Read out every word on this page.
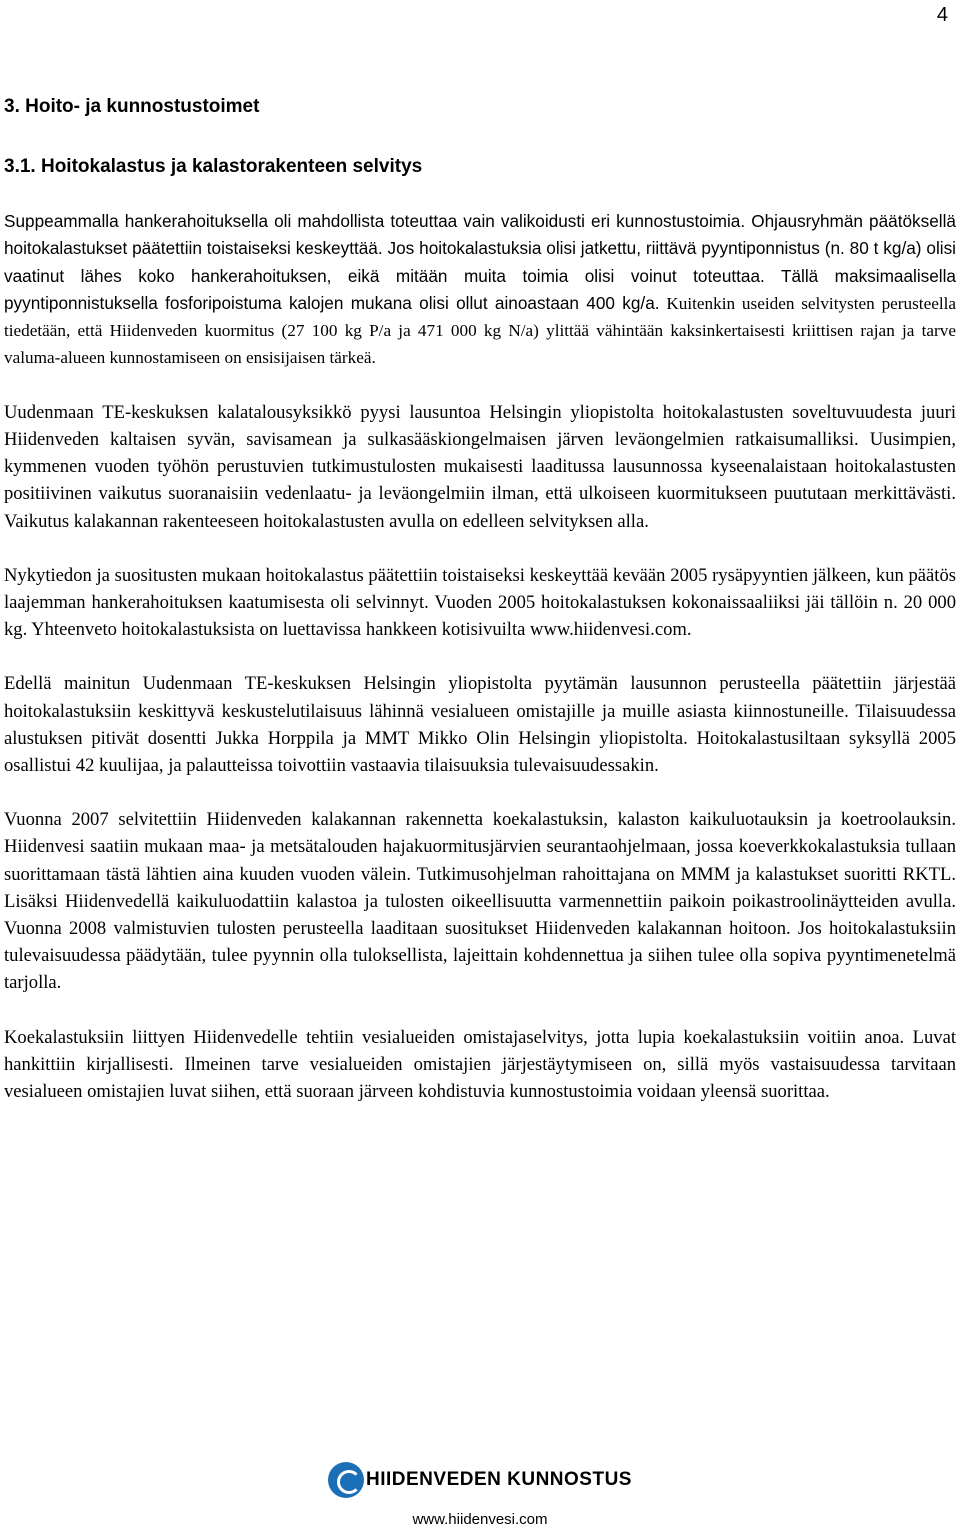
4
3. Hoito- ja kunnostustoimet
3.1. Hoitokalastus ja kalastorakenteen selvitys

Suppeammalla hankerahoituksella oli mahdollista toteuttaa vain valikoidusti eri kunnostustoimia. Ohjausryhmän päätöksellä hoitokalastukset päätettiin toistaiseksi keskeyttää. Jos hoitokalastuksia olisi jatkettu, riittävä pyyntiponnistus (n. 80 t kg/a) olisi vaatinut lähes koko hankerahoituksen, eikä mitään muita toimia olisi voinut toteuttaa. Tällä maksimaalisella pyyntiponnistuksella fosforipoistuma kalojen mukana olisi ollut ainoastaan 400 kg/a. Kuitenkin useiden selvitysten perusteella tiedetään, että Hiidenveden kuormitus (27 100 kg P/a ja 471 000 kg N/a) ylittää vähintään kaksinkertaisesti kriittisen rajan ja tarve valuma-alueen kunnostamiseen on ensisijaisen tärkeä.

Uudenmaan TE-keskuksen kalatalousyksikkö pyysi lausuntoa Helsingin yliopistolta hoitokalastusten soveltuvuudesta juuri Hiidenveden kaltaisen syvän, savisamean ja sulkasääskiongelmaisen järven leväongelmien ratkaisumalliksi. Uusimpien, kymmenen vuoden työhön perustuvien tutkimustulosten mukaisesti laaditussa lausunnossa kyseenalaistaan hoitokalastusten positiivinen vaikutus suoranaisiin vedenlaatu- ja leväongelmiin ilman, että ulkoiseen kuormitukseen puututaan merkittävästi. Vaikutus kalakannan rakenteeseen hoitokalastusten avulla on edelleen selvityksen alla.

Nykytiedon ja suositusten mukaan hoitokalastus päätettiin toistaiseksi keskeyttää kevään 2005 rysäpyyntien jälkeen, kun päätös laajemman hankerahoituksen kaatumisesta oli selvinnyt. Vuoden 2005 hoitokalastuksen kokonaissaaliiksi jäi tällöin n. 20 000 kg. Yhteenveto hoitokalastuksista on luettavissa hankkeen kotisivuilta www.hiidenvesi.com.

Edellä mainitun Uudenmaan TE-keskuksen Helsingin yliopistolta pyytämän lausunnon perusteella päätettiin järjestää hoitokalastuksiin keskittyvä keskustelutilaisuus lähinnä vesialueen omistajille ja muille asiasta kiinnostuneille. Tilaisuudessa alustuksen pitivät dosentti Jukka Horppila ja MMT Mikko Olin Helsingin yliopistolta. Hoitokalastusiltaan syksyllä 2005 osallistui 42 kuulijaa, ja palautteissa toivottiin vastaavia tilaisuuksia tulevaisuudessakin.

Vuonna 2007 selvitettiin Hiidenveden kalakannan rakennetta koekalastuksin, kalaston kaikuluotauksin ja koetroolauksin. Hiidenvesi saatiin mukaan maa- ja metsätalouden hajakuormitusjärvien seurantaohjelmaan, jossa koeverkkokalastuksia tullaan suorittamaan tästä lähtien aina kuuden vuoden välein. Tutkimusohjelman rahoittajana on MMM ja kalastukset suoritti RKTL. Lisäksi Hiidenvedellä kaikuluodattiin kalastoa ja tulosten oikeellisuutta varmennettiin paikoin poikastroolinäytteiden avulla. Vuonna 2008 valmistuvien tulosten perusteella laaditaan suositukset Hiidenveden kalakannan hoitoon. Jos hoitokalastuksiin tulevaisuudessa päädytään, tulee pyynnin olla tuloksellista, lajeittain kohdennettua ja siihen tulee olla sopiva pyyntimenetelmä tarjolla.

Koekalastuksiin liittyen Hiidenvedelle tehtiin vesialueiden omistajaselvitys, jotta lupia koekalastuksiin voitiin anoa. Luvat hankittiin kirjallisesti. Ilmeinen tarve vesialueiden omistajien järjestäytymiseen on, sillä myös vastaisuudessa tarvitaan vesialueen omistajien luvat siihen, että suoraan järveen kohdistuvia kunnostustoimia voidaan yleensä suorittaa.

HIIDENVEDEN KUNNOSTUS
www.hiidenvesi.com
